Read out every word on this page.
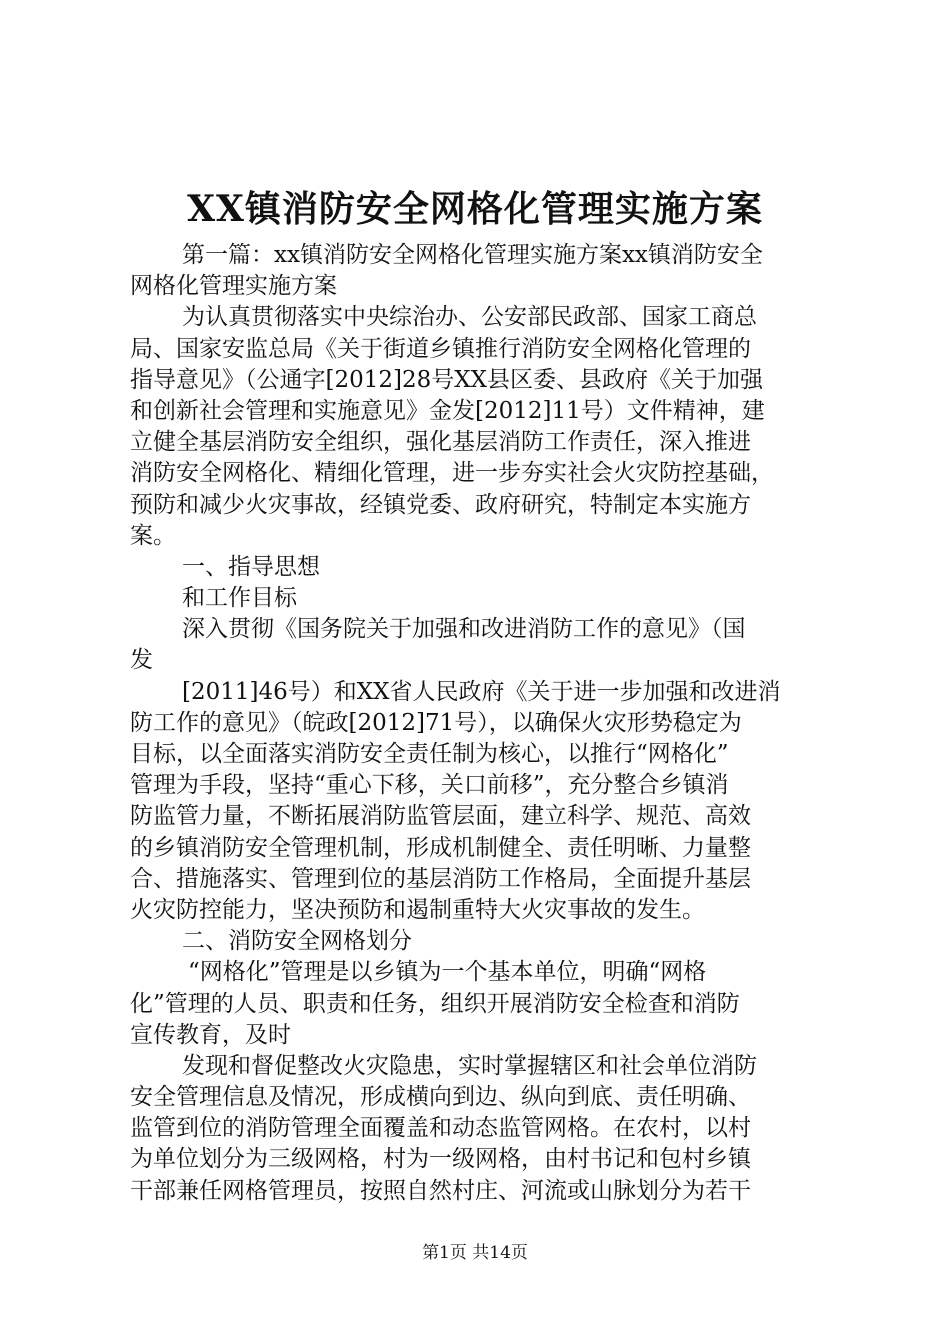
XX镇消防安全网格化管理实施方案
第一篇：xx镇消防安全网格化管理实施方案xx镇消防安全
网格化管理实施方案
为认真贯彻落实中央综治办、公安部民政部、国家工商总
局、国家安监总局《关于街道乡镇推行消防安全网格化管理的
指导意见》（公通字[2012]28号XX县区委、县政府《关于加强
和创新社会管理和实施意见》金发[2012]11号）文件精神，建
立健全基层消防安全组织，强化基层消防工作责任，深入推进
消防安全网格化、精细化管理，进一步夯实社会火灾防控基础，
预防和减少火灾事故，经镇党委、政府研究，特制定本实施方
案。
一、指导思想
和工作目标
深入贯彻《国务院关于加强和改进消防工作的意见》（国
发
[2011]46号）和XX省人民政府《关于进一步加强和改进消
防工作的意见》（皖政[2012]71号），以确保火灾形势稳定为
目标，以全面落实消防安全责任制为核心，以推行“网格化”
管理为手段，坚持“重心下移，关口前移”，充分整合乡镇消
防监管力量，不断拓展消防监管层面，建立科学、规范、高效
的乡镇消防安全管理机制，形成机制健全、责任明晰、力量整
合、措施落实、管理到位的基层消防工作格局，全面提升基层
火灾防控能力，坚决预防和遏制重特大火灾事故的发生。
二、消防安全网格划分
“网格化”管理是以乡镇为一个基本单位，明确“网格
化”管理的人员、职责和任务，组织开展消防安全检查和消防
宣传教育，及时
发现和督促整改火灾隐患，实时掌握辖区和社会单位消防
安全管理信息及情况，形成横向到边、纵向到底、责任明确、
监管到位的消防管理全面覆盖和动态监管网格。在农村，以村
为单位划分为三级网格，村为一级网格，由村书记和包村乡镇
干部兼任网格管理员，按照自然村庄、河流或山脉划分为若干
第1页 共14页
